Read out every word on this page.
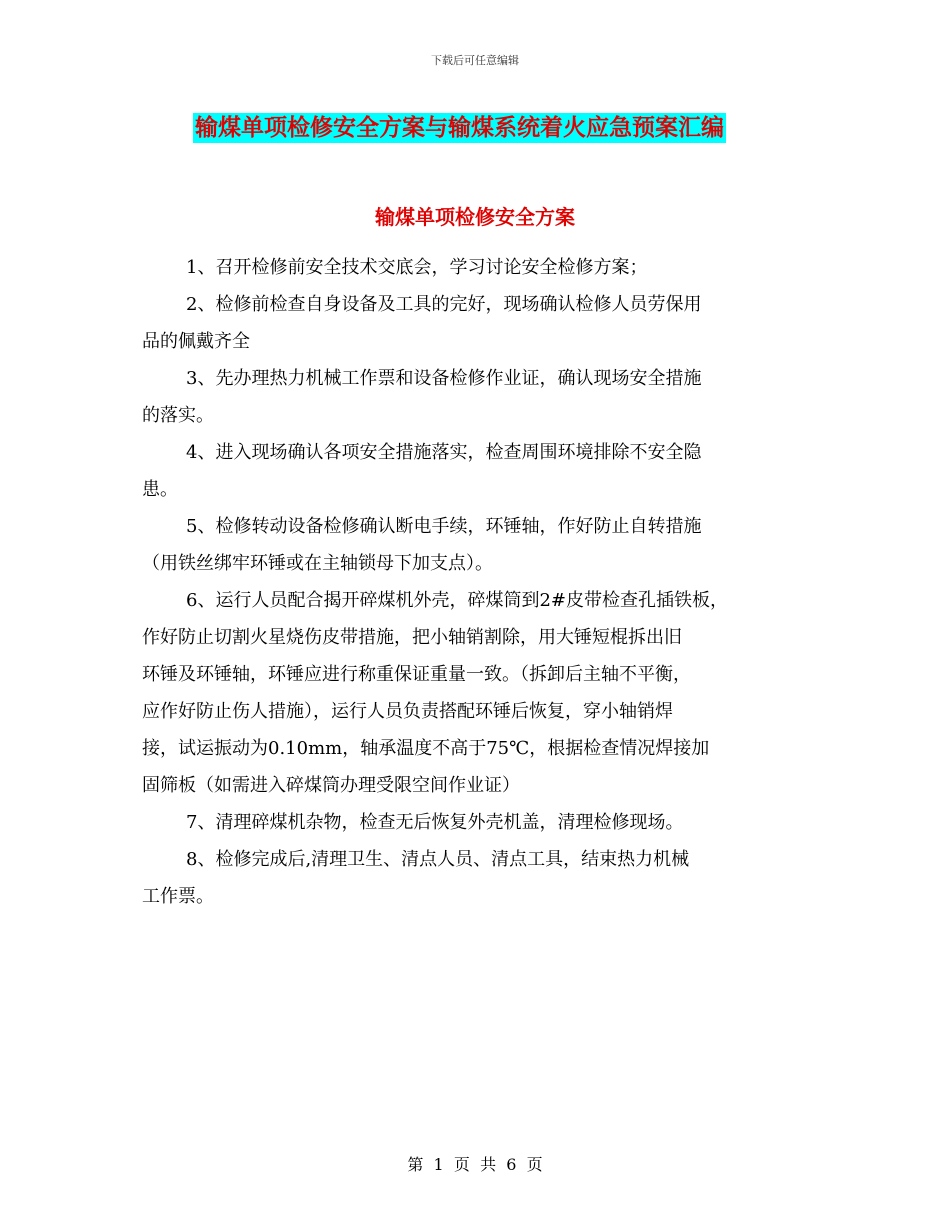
下载后可任意编辑
输煤单项检修安全方案与输煤系统着火应急预案汇编
输煤单项检修安全方案
1、召开检修前安全技术交底会，学习讨论安全检修方案；
2、检修前检查自身设备及工具的完好，现场确认检修人员劳保用
品的佩戴齐全
3、先办理热力机械工作票和设备检修作业证，确认现场安全措施
的落实。
4、进入现场确认各项安全措施落实，检查周围环境排除不安全隐
患。
5、检修转动设备检修确认断电手续，环锤轴，作好防止自转措施
（用铁丝绑牢环锤或在主轴锁母下加支点）。
6、运行人员配合揭开碎煤机外壳，碎煤筒到2#皮带检查孔插铁板，
作好防止切割火星烧伤皮带措施，把小轴销割除，用大锤短棍拆出旧
环锤及环锤轴，环锤应进行称重保证重量一致。（拆卸后主轴不平衡，
应作好防止伤人措施），运行人员负责搭配环锤后恢复，穿小轴销焊
接，试运振动为0.10mm，轴承温度不高于75℃，根据检查情况焊接加
固筛板（如需进入碎煤筒办理受限空间作业证）
7、清理碎煤机杂物，检查无后恢复外壳机盖，清理检修现场。
8、检修完成后,清理卫生、清点人员、清点工具，结束热力机械
工作票。
第  1  页  共  6  页
